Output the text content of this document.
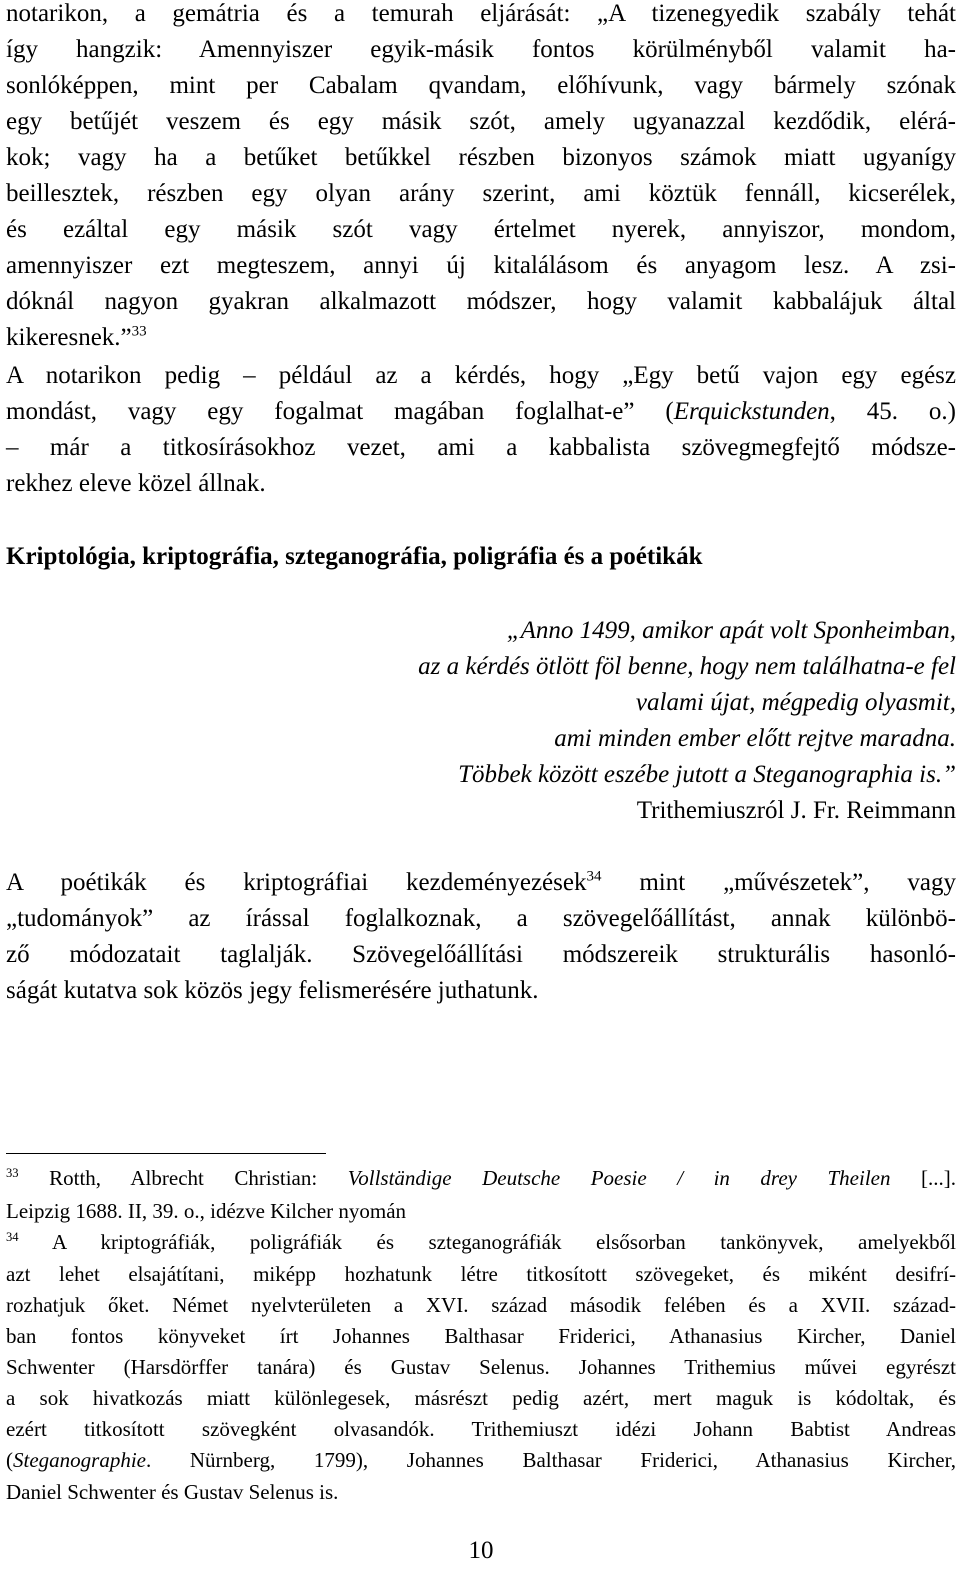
notarikon, a gemátria és a temurah eljárását: „A tizenegyedik szabály tehát
így hangzik: Amennyiszer egyik-másik fontos körülményből valamit ha-
sonlóképpen, mint per Cabalam qvandam, előhívunk, vagy bármely szónak
egy betűjét veszem és egy másik szót, amely ugyanazzal kezdődik, elérá-
kok; vagy ha a betűket betűkkel részben bizonyos számok miatt ugyanígy
beillesztek, részben egy olyan arány szerint, ami köztük fennáll, kicserélek,
és ezáltal egy másik szót vagy értelmet nyerek, annyiszor, mondom,
amennyiszer ezt megteszem, annyi új kitalálásom és anyagom lesz. A zsi-
dóknál nagyon gyakran alkalmazott módszer, hogy valamit kabbalájuk által
kikeresnek.”$^{33}$
A notarikon pedig – például az a kérdés, hogy „Egy betű vajon egy egész
mondást, vagy egy fogalmat magában foglalhat-e” (Erquickstunden, 45. o.)
– már a titkosírásokhoz vezet, ami a kabbalista szövegmegfejtő módsze-
rekhez eleve közel állnak.
Kriptológia, kriptográfia, szteganográfia, poligráfia és a poétikák
„Anno 1499, amikor apát volt Sponheimban,
az a kérdés ötlött föl benne, hogy nem találhatna-e fel
valami újat, mégpedig olyasmit,
ami minden ember előtt rejtve maradna.
Többek között eszébe jutott a Steganographia is.”
Trithemiuszról J. Fr. Reimmann
A poétikák és kriptográfiai kezdeményezések$^{34}$ mint „művészetek”, vagy
„tudományok” az írással foglalkoznak, a szövegelőállítást, annak különbö-
ző módozatait taglalják. Szövegelőállítási módszereik strukturális hasonló-
ságát kutatva sok közös jegy felismerésére juthatunk.
$^{33}$ Rotth, Albrecht Christian: Vollständige Deutsche Poesie / in drey Theilen [...].
Leipzig 1688. II, 39. o., idézve Kilcher nyomán
$^{34}$ A kriptográfiák, poligráfiák és szteganográfiák elsősorban tankönyvek, amelyekből
azt lehet elsajátítani, miképp hozhatunk létre titkosított szövegeket, és miként desifrí-
rozhatjuk őket. Német nyelvterületen a XVI. század második felében és a XVII. század-
ban fontos könyveket írt Johannes Balthasar Friderici, Athanasius Kircher, Daniel
Schwenter (Harsdörffer tanára) és Gustav Selenus. Johannes Trithemius művei egyrészt
a sok hivatkozás miatt különlegesek, másrészt pedig azért, mert maguk is kódoltak, és
ezért titkosított szövegként olvasandók. Trithemiuszt idézi Johann Babtist Andreas
(Steganographie. Nürnberg, 1799), Johannes Balthasar Friderici, Athanasius Kircher,
Daniel Schwenter és Gustav Selenus is.
10
